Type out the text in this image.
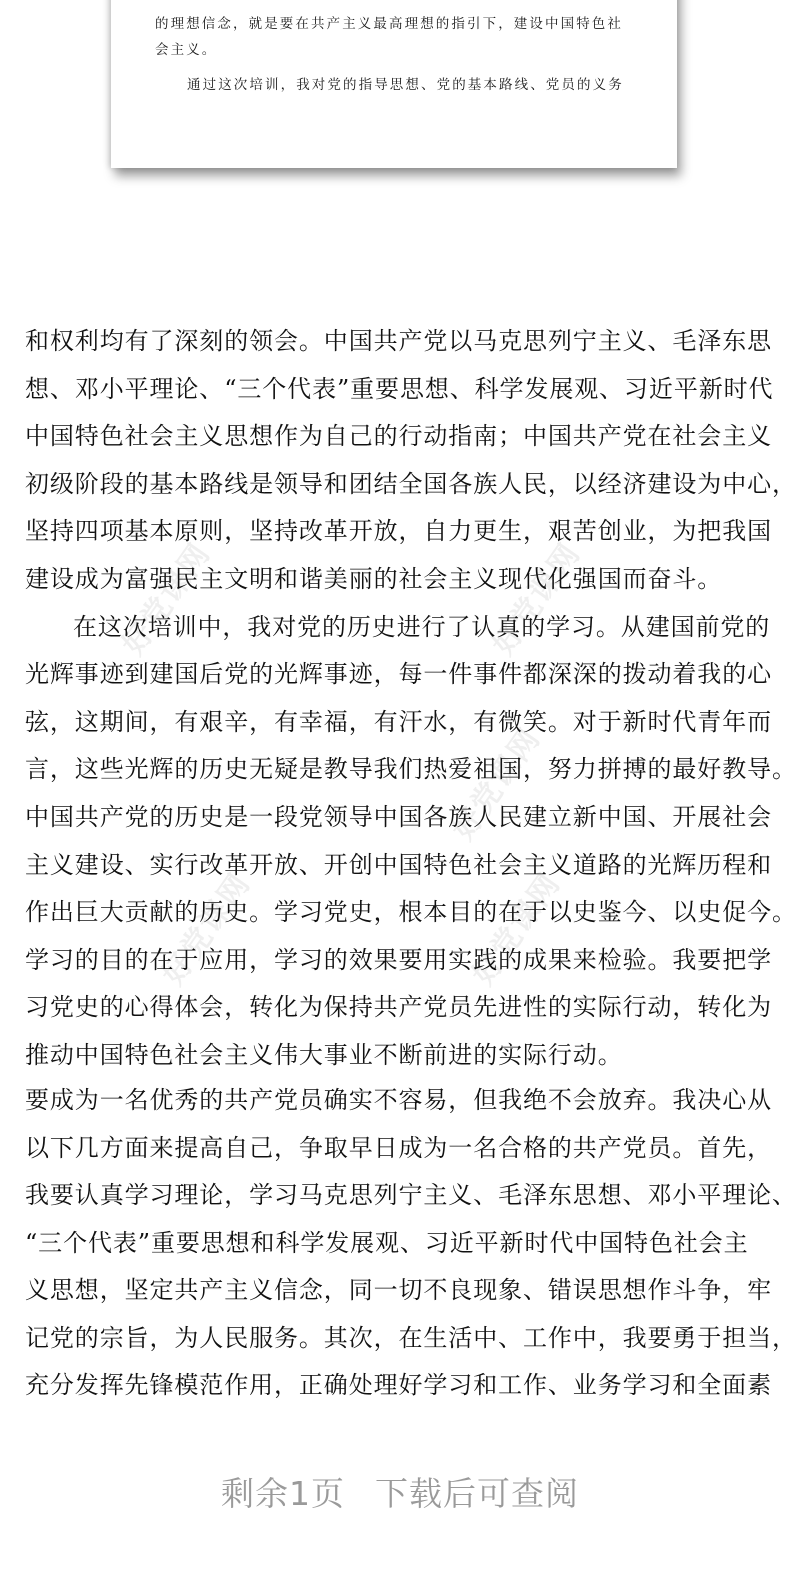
的理想信念，就是要在共产主义最高理想的指引下，建设中国特色社
会主义。
通过这次培训，我对党的指导思想、党的基本路线、党员的义务
好党课网	好党课网
好党课网
好党课网	好党课网
和权利均有了深刻的领会。中国共产党以马克思列宁主义、毛泽东思
想、邓小平理论、“三个代表”重要思想、科学发展观、习近平新时代
中国特色社会主义思想作为自己的行动指南；中国共产党在社会主义
初级阶段的基本路线是领导和团结全国各族人民，以经济建设为中心，
坚持四项基本原则，坚持改革开放，自力更生，艰苦创业，为把我国
建设成为富强民主文明和谐美丽的社会主义现代化强国而奋斗。
在这次培训中，我对党的历史进行了认真的学习。从建国前党的
光辉事迹到建国后党的光辉事迹，每一件事件都深深的拨动着我的心
弦，这期间，有艰辛，有幸福，有汗水，有微笑。对于新时代青年而
言，这些光辉的历史无疑是教导我们热爱祖国，努力拼搏的最好教导。
中国共产党的历史是一段党领导中国各族人民建立新中国、开展社会
主义建设、实行改革开放、开创中国特色社会主义道路的光辉历程和
作出巨大贡献的历史。学习党史，根本目的在于以史鉴今、以史促今。
学习的目的在于应用，学习的效果要用实践的成果来检验。我要把学
习党史的心得体会，转化为保持共产党员先进性的实际行动，转化为
推动中国特色社会主义伟大事业不断前进的实际行动。
要成为一名优秀的共产党员确实不容易，但我绝不会放弃。我决心从
以下几方面来提高自己，争取早日成为一名合格的共产党员。首先，
我要认真学习理论，学习马克思列宁主义、毛泽东思想、邓小平理论、
“三个代表”重要思想和科学发展观、习近平新时代中国特色社会主
义思想，坚定共产主义信念，同一切不良现象、错误思想作斗争，牢
记党的宗旨，为人民服务。其次，在生活中、工作中，我要勇于担当，
充分发挥先锋模范作用，正确处理好学习和工作、业务学习和全面素
剩余1页 下载后可查阅
